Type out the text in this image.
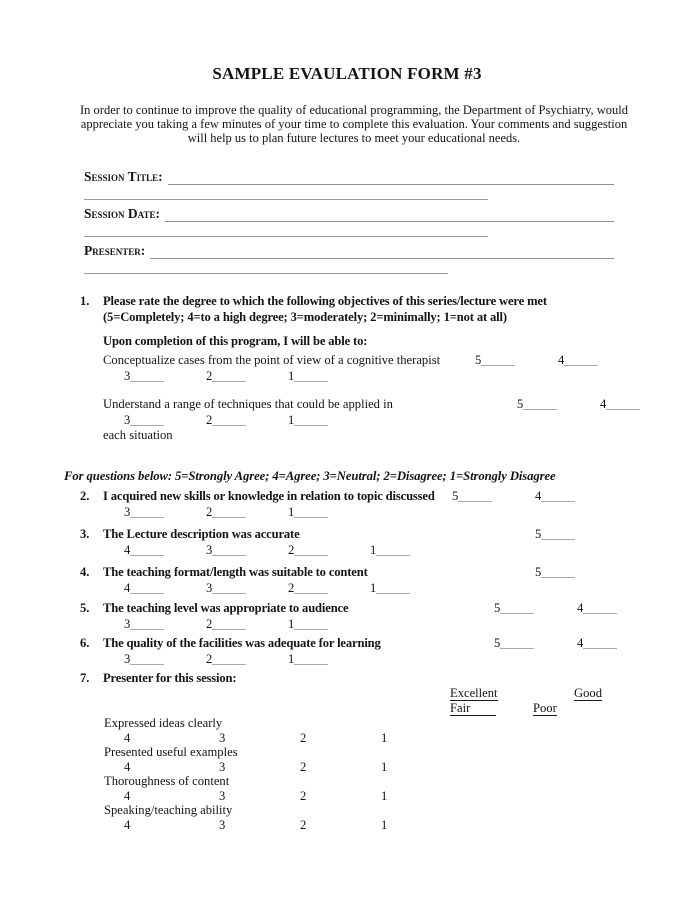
SAMPLE EVAULATION FORM #3
In order to continue to improve the quality of educational programming, the Department of Psychiatry, would appreciate you taking a few minutes of your time to complete this evaluation. Your comments and suggestion will help us to plan future lectures to meet your educational needs.
Session Title:
Session Date:
Presenter:
1. Please rate the degree to which the following objectives of this series/lecture were met
(5=Completely; 4=to a high degree; 3=moderately; 2=minimally; 1=not at all)
Upon completion of this program, I will be able to:
Conceptualize cases from the point of view of a cognitive therapist	5	4
3	2	1
Understand a range of techniques that could be applied in	5	4
3	2	1
each situation
For questions below: 5=Strongly Agree; 4=Agree; 3=Neutral; 2=Disagree; 1=Strongly Disagree
2. I acquired new skills or knowledge in relation to topic discussed 5	4
3	2	1
3. The Lecture description was accurate	5
4	3	2	1
4. The teaching format/length was suitable to content	5
4	3	2	1
5. The teaching level was appropriate to audience	5	4
3	2	1
6. The quality of the facilities was adequate for learning	5	4
3	2	1
7. Presenter for this session:
Excellent	Good
Fair	Poor
Expressed ideas clearly
4	3	2	1
Presented useful examples
4	3	2	1
Thoroughness of content
4	3	2	1
Speaking/teaching ability
4	3	2	1
